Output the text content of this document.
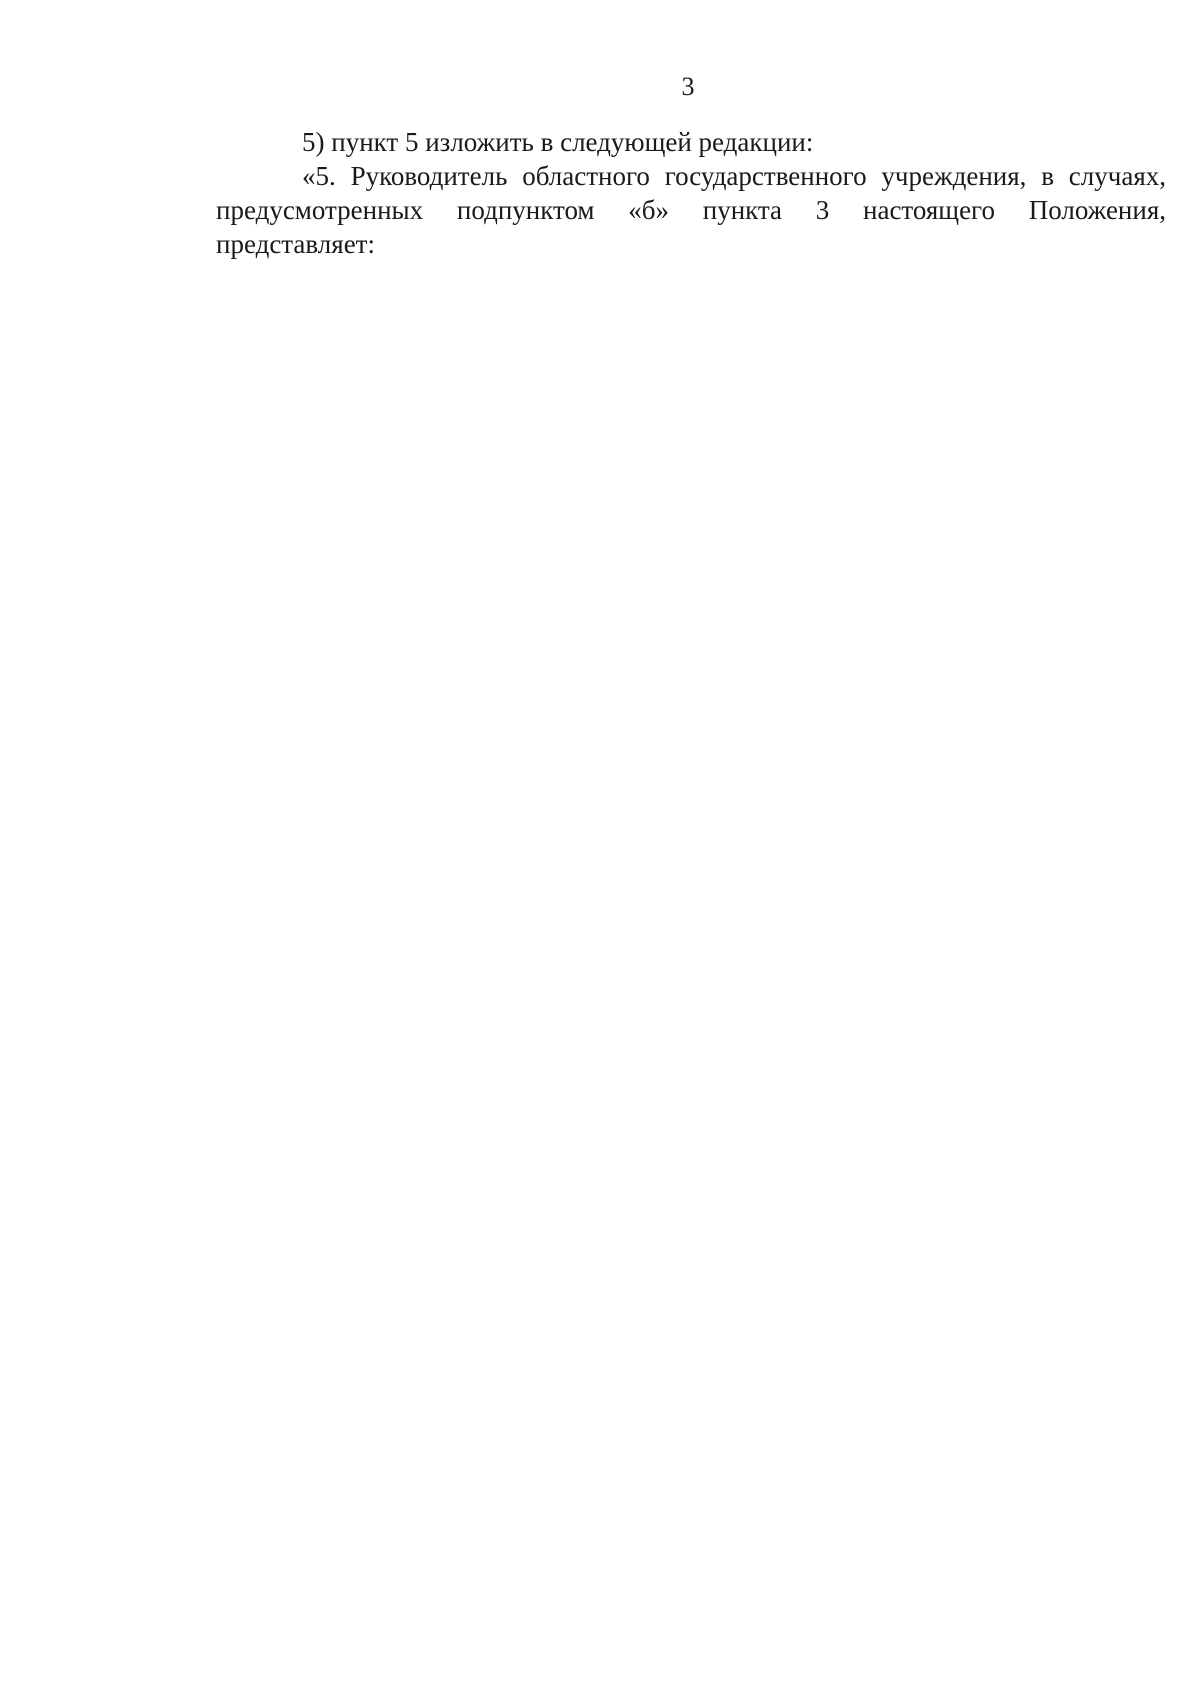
3

5) пункт 5 изложить в следующей редакции:

«5. Руководитель областного государственного учреждения, в случаях, предусмотренных подпунктом «б» пункта 3 настоящего Положения, представляет:
